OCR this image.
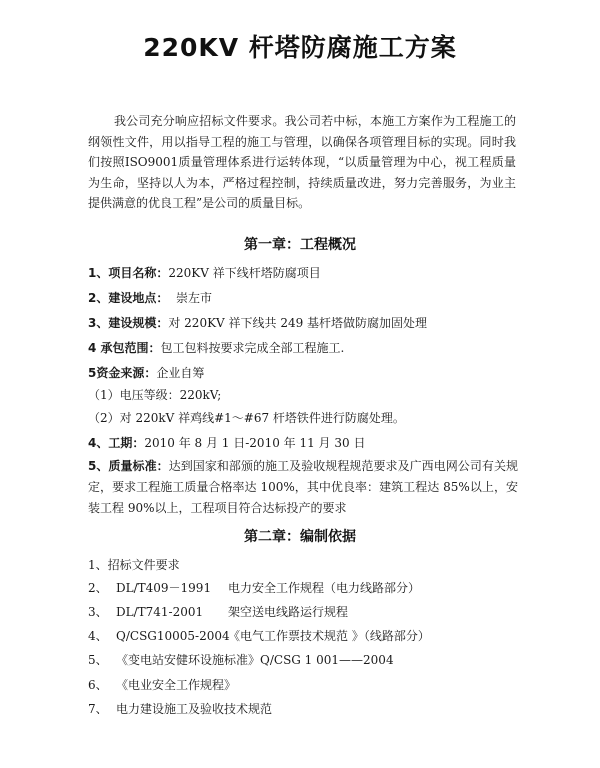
220KV 杆塔防腐施工方案
我公司充分响应招标文件要求。我公司若中标，本施工方案作为工程施工的纲领性文件，用以指导工程的施工与管理，以确保各项管理目标的实现。同时我们按照ISO9001质量管理体系进行运转体现，“以质量管理为中心，视工程质量为生命，坚持以人为本，严格过程控制，持续质量改进，努力完善服务，为业主提供满意的优良工程”是公司的质量目标。
第一章：工程概况
1、项目名称：220KV 祥下线杆塔防腐项目
2、建设地点：  崇左市
3、建设规模：对 220KV 祥下线共 249 基杆塔做防腐加固处理
4 承包范围：包工包料按要求完成全部工程施工.
5资金来源：企业自筹
（1）电压等级：220kV;
（2）对 220kV 祥鸡线#1～#67 杆塔铁件进行防腐处理。
4、工期：2010 年 8 月 1 日-2010 年 11 月 30 日
5、质量标准：达到国家和部颁的施工及验收规程规范要求及广西电网公司有关规定，要求工程施工质量合格率达 100%，其中优良率：建筑工程达 85%以上，安装工程 90%以上，工程项目符合达标投产的要求
第二章：编制依据
1、招标文件要求
2、 DL/T409－1991 电力安全工作规程（电力线路部分）
3、 DL/T741-2001 架空送电线路运行规程
4、 Q/CSG10005-2004《电气工作票技术规范 》（线路部分）
5、 《变电站安健环设施标准》Q/CSG 1 001——2004
6、 《电业安全工作规程》
7、 电力建设施工及验收技术规范
